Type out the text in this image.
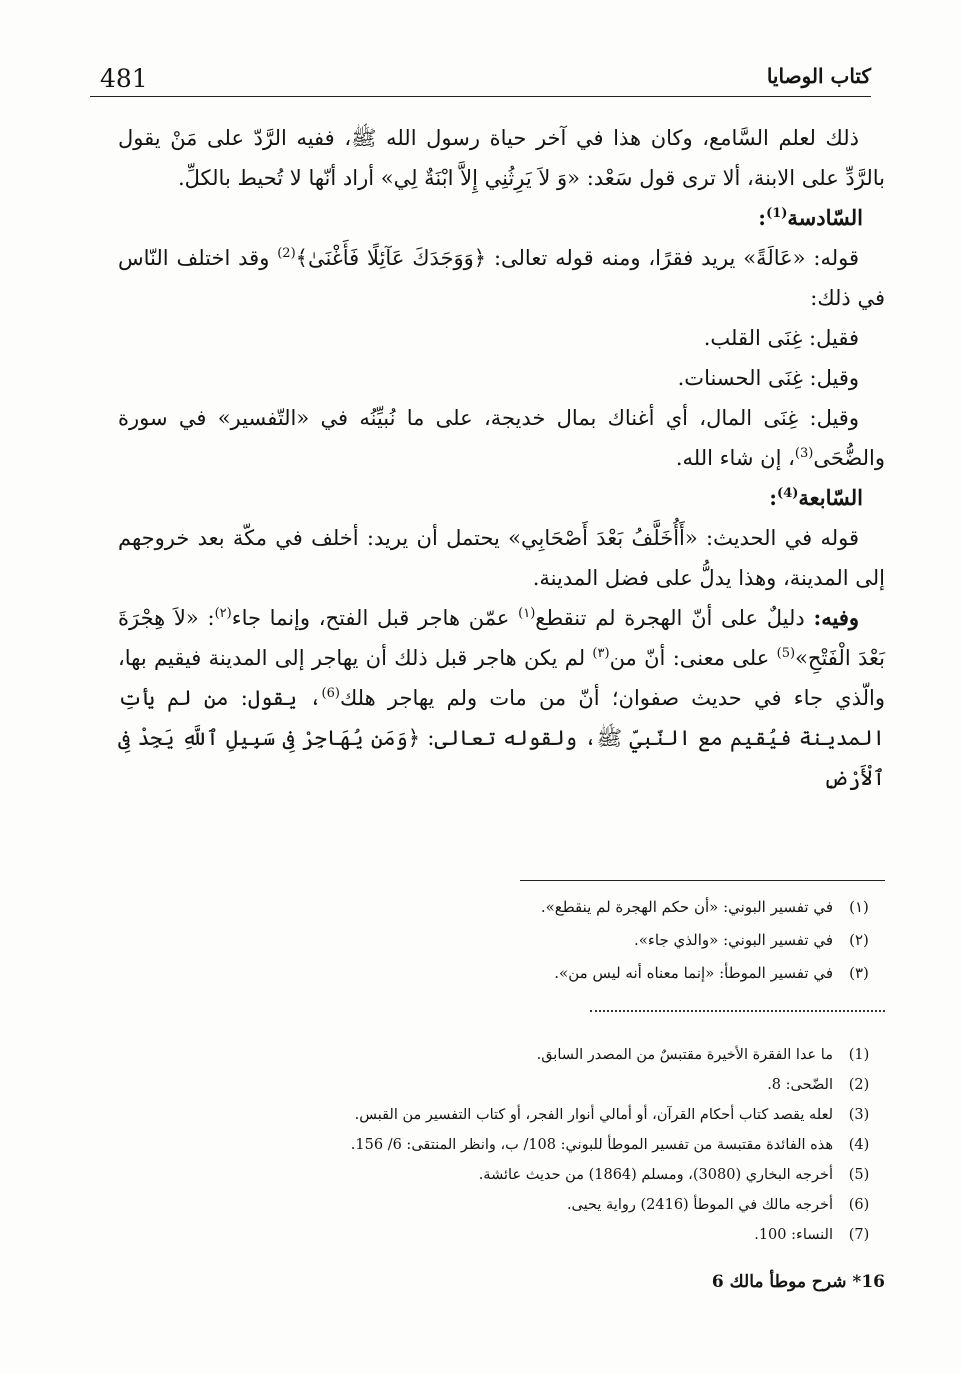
481	كتاب الوصايا

ذلك لعلم السَّامع، وكان هذا في آخر حياة رسول الله ﷺ، ففيه الرَّدّ على مَنْ يقول بالرَّدِّ على الابنة، ألا ترى قول سَعْد: «وَ لاَ يَرِثُنِي إِلاَّ ابْنَةٌ لِي» أراد أنّها لا تُحيط بالكلِّ.

السّادسة$^{(1)}$:

قوله: «عَالَةً» يريد فقرًا، ومنه قوله تعالى: ﴿وَوَجَدَكَ عَآئِلًا فَأَغْنَىٰ﴾$^{(2)}$ وقد اختلف النّاس في ذلك:

فقيل: غِنَى القلب.

وقيل: غِنَى الحسنات.

وقيل: غِنَى المال، أي أغناك بمال خديجة، على ما نُبيِّنُه في «التّفسير» في سورة والضُّحَى$^{(3)}$، إن شاء الله.

السّابعة$^{(4)}$:

قوله في الحديث: «أَأُخَلَّفُ بَعْدَ أَصْحَابِي» يحتمل أن يريد: أخلف في مكّة بعد خروجهم إلى المدينة، وهذا يدلُّ على فضل المدينة.

وفيه: دليلٌ على أنّ الهجرة لم تنقطع$^{(١)}$ عمّن هاجر قبل الفتح، وإنما جاء$^{(٢)}$: «لاَ هِجْرَةَ بَعْدَ الْفَتْحِ»$^{(5)}$ على معنى: أنّ من$^{(٣)}$ لم يكن هاجر قبل ذلك أن يهاجر إلى المدينة فيقيم بها، والّذي جاء في حديث صفوان؛ أنّ من مات ولم يهاجر هلك$^{(6)}$، يقول: من لم يأتِ المدينة فيُقيم مع النّبيّ ﷺ، ولقوله تعالى: ﴿وَمَن يُهَاجِرْ فِى سَبِيلِ ٱللَّهِ يَجِدْ فِى ٱلْأَرْضِ

(١)
في تفسير البوني: «أن حكم الهجرة لم ينقطع».
(٢)
في تفسير البوني: «والذي جاء».
(٣)
في تفسير الموطأ: «إنما معناه أنه ليس من».
(1)
ما عدا الفقرة الأخيرة مقتبسٌ من المصدر السابق.
(2)
الضّحى: 8.
(3)
لعله يقصد كتاب أحكام القرآن، أو أمالي أنوار الفجر، أو كتاب التفسير من القبس.
(4)
هذه الفائدة مقتبسة من تفسير الموطأ للبوني: 108/ ب، وانظر المنتقى: 6/ 156.
(5)
أخرجه البخاري (3080)، ومسلم (1864) من حديث عائشة.
(6)
أخرجه مالك في الموطأ (2416) رواية يحيى.
(7)
النساء: 100.
16* شرح موطأ مالك 6
